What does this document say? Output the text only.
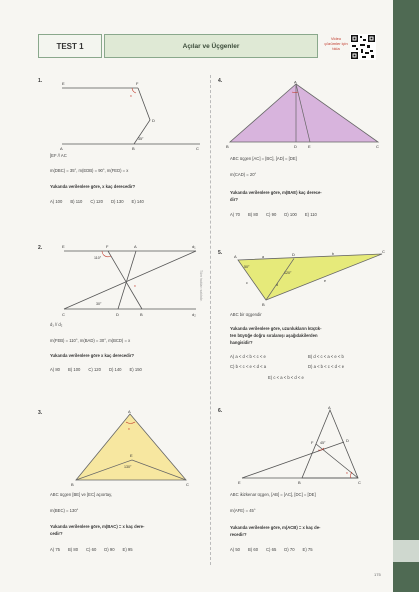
TEST 1	Açılar ve Üçgenler
Video çözümler için tıkla
Tüm hakları saklıdır.
1.	E	F
D
A	B	C
x
35°
[EF // AC
m(DBC) = 35°, m(EDB) = 90°, m(FED) = x
Yukarıda verilenlere göre, x kaç derecedir?
A) 100 B) 110 C) 120 D) 130 E) 140
2.	E	F	A	d₁
C	D	B	d₂
110°
30°
x
d₁ // d₂
m(FEB) = 110°, m(BAD) = 30°, m(BCD) = x
Yukarıda verilenlere göre x kaç derecedir?
A) 80 B) 100 C) 120 D) 140 E) 150
3.	A
B	C
E
130°
x
ABC üçgen [BE] ve [EC] açıortay,
m(BEC) = 130°
Yukarıda verilenlere göre, m(BAC) = x kaç dere-
cedir?
A) 75 B) 80 C) 60 D) 90 E) 95
4.	A
B	C
D	E
ABC üçgen [AC] = [BC], [AD] = [DE]
m(CAD) = 20°
Yukarıda verilenlere göre, m(BAE) kaç derece-
dir?
A) 70 B) 80 C) 90 D) 100 E) 110
5.
A
C
B
D
50°
120°
a
b
c	d
e
ABC bir üçgendir
Yukarıda verilenlere göre, uzunlukların küçük-
ten büyüğe doğru sıralanışı aşağıdakilerden
hangisidir?
A) a < d < b < c < e	B) d < c < a < e < b
C) b < c < e < d < a	D) a < b < c < d < e
E) c < a < b < d < e
6.
A
B	C
D
E
F 45°
x
ABC ikizkenar üçgen, [AB] = [AC], [DC] = [DE]
m(AFE) = 45°
Yukarıda verilenlere göre, m(ACB) = x kaç de-
recedir?
A) 50 B) 60 C) 65 D) 70 E) 75
175
